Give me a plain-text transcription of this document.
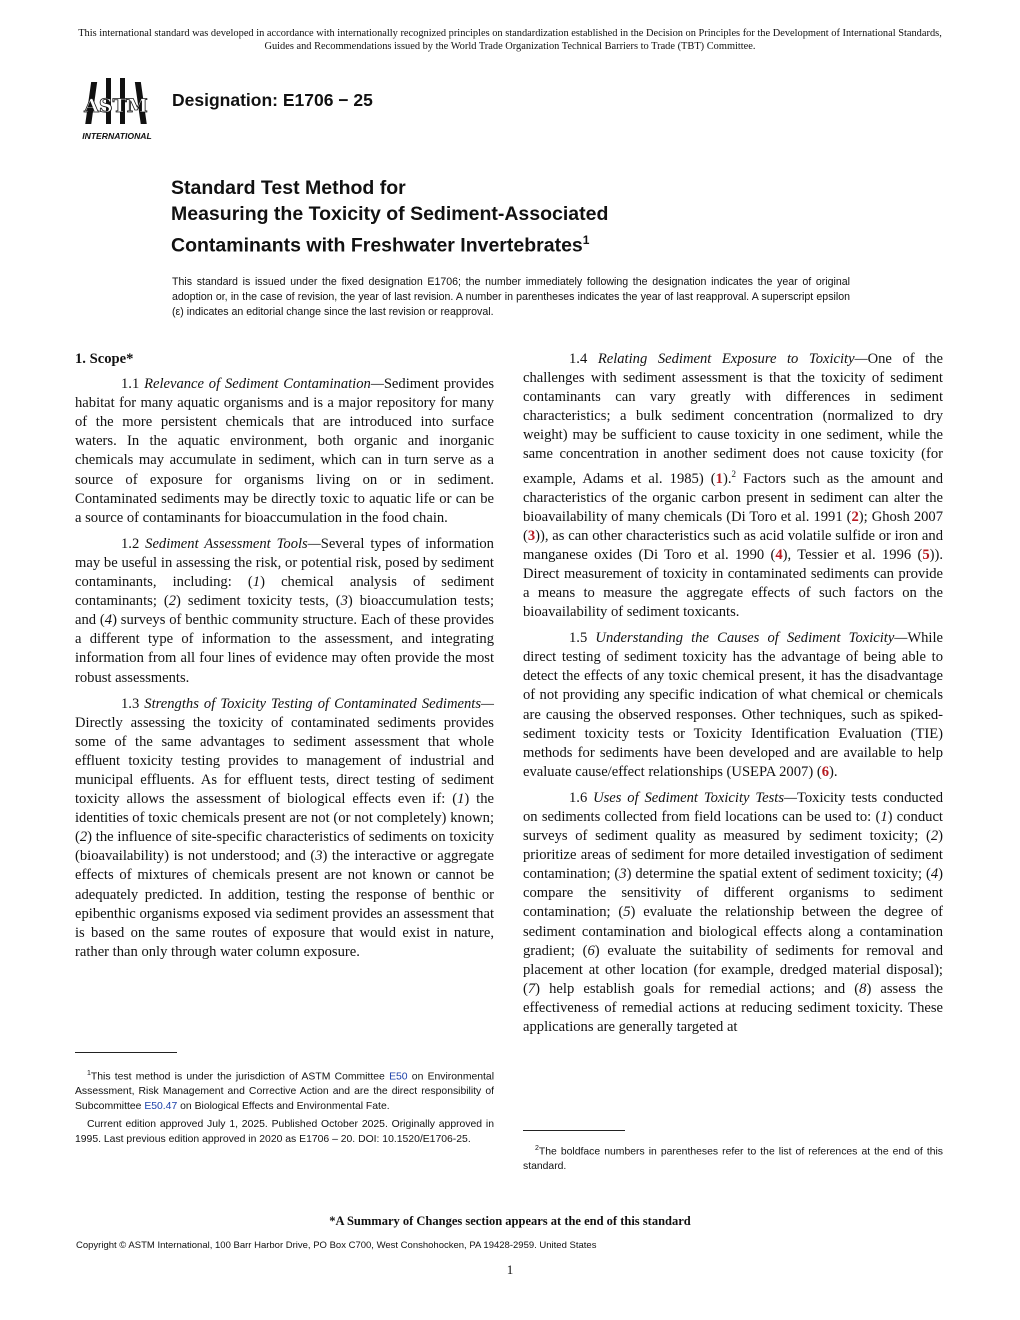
This international standard was developed in accordance with internationally recognized principles on standardization established in the Decision on Principles for the Development of International Standards, Guides and Recommendations issued by the World Trade Organization Technical Barriers to Trade (TBT) Committee.
ASTM
INTERNATIONAL
Designation: E1706 − 25
Standard Test Method for
Measuring the Toxicity of Sediment-Associated
Contaminants with Freshwater Invertebrates$^1$
This standard is issued under the fixed designation E1706; the number immediately following the designation indicates the year of original adoption or, in the case of revision, the year of last revision. A number in parentheses indicates the year of last reapproval. A superscript epsilon (ε) indicates an editorial change since the last revision or reapproval.

1. Scope*

1.1 Relevance of Sediment Contamination—Sediment provides habitat for many aquatic organisms and is a major repository for many of the more persistent chemicals that are introduced into surface waters. In the aquatic environment, both organic and inorganic chemicals may accumulate in sediment, which can in turn serve as a source of exposure for organisms living on or in sediment. Contaminated sediments may be directly toxic to aquatic life or can be a source of contaminants for bioaccumulation in the food chain.

1.2 Sediment Assessment Tools—Several types of information may be useful in assessing the risk, or potential risk, posed by sediment contaminants, including: (1) chemical analysis of sediment contaminants; (2) sediment toxicity tests, (3) bioaccumulation tests; and (4) surveys of benthic community structure. Each of these provides a different type of information to the assessment, and integrating information from all four lines of evidence may often provide the most robust assessments.

1.3 Strengths of Toxicity Testing of Contaminated Sediments—Directly assessing the toxicity of contaminated sediments provides some of the same advantages to sediment assessment that whole effluent toxicity testing provides to management of industrial and municipal effluents. As for effluent tests, direct testing of sediment toxicity allows the assessment of biological effects even if: (1) the identities of toxic chemicals present are not (or not completely) known; (2) the influence of site-specific characteristics of sediments on toxicity (bioavailability) is not understood; and (3) the interactive or aggregate effects of mixtures of chemicals present are not known or cannot be adequately predicted. In addition, testing the response of benthic or epibenthic organisms exposed via sediment provides an assessment that is based on the same routes of exposure that would exist in nature, rather than only through water column exposure.

1.4 Relating Sediment Exposure to Toxicity—One of the challenges with sediment assessment is that the toxicity of sediment contaminants can vary greatly with differences in sediment characteristics; a bulk sediment concentration (normalized to dry weight) may be sufficient to cause toxicity in one sediment, while the same concentration in another sediment does not cause toxicity (for example, Adams et al. 1985) (1).$^2$ Factors such as the amount and characteristics of the organic carbon present in sediment can alter the bioavailability of many chemicals (Di Toro et al. 1991 (2); Ghosh 2007 (3)), as can other characteristics such as acid volatile sulfide or iron and manganese oxides (Di Toro et al. 1990 (4), Tessier et al. 1996 (5)). Direct measurement of toxicity in contaminated sediments can provide a means to measure the aggregate effects of such factors on the bioavailability of sediment toxicants.

1.5 Understanding the Causes of Sediment Toxicity—While direct testing of sediment toxicity has the advantage of being able to detect the effects of any toxic chemical present, it has the disadvantage of not providing any specific indication of what chemical or chemicals are causing the observed responses. Other techniques, such as spiked-sediment toxicity tests or Toxicity Identification Evaluation (TIE) methods for sediments have been developed and are available to help evaluate cause/effect relationships (USEPA 2007) (6).

1.6 Uses of Sediment Toxicity Tests—Toxicity tests conducted on sediments collected from field locations can be used to: (1) conduct surveys of sediment quality as measured by sediment toxicity; (2) prioritize areas of sediment for more detailed investigation of sediment contamination; (3) determine the spatial extent of sediment toxicity; (4) compare the sensitivity of different organisms to sediment contamination; (5) evaluate the relationship between the degree of sediment contamination and biological effects along a contamination gradient; (6) evaluate the suitability of sediments for removal and placement at other location (for example, dredged material disposal); (7) help establish goals for remedial actions; and (8) assess the effectiveness of remedial actions at reducing sediment toxicity. These applications are generally targeted at

$^1$This test method is under the jurisdiction of ASTM Committee E50 on Environmental Assessment, Risk Management and Corrective Action and are the direct responsibility of Subcommittee E50.47 on Biological Effects and Environmental Fate.

Current edition approved July 1, 2025. Published October 2025. Originally approved in 1995. Last previous edition approved in 2020 as E1706 – 20. DOI: 10.1520/E1706-25.

$^2$The boldface numbers in parentheses refer to the list of references at the end of this standard.

*A Summary of Changes section appears at the end of this standard
Copyright © ASTM International, 100 Barr Harbor Drive, PO Box C700, West Conshohocken, PA 19428-2959. United States
1
